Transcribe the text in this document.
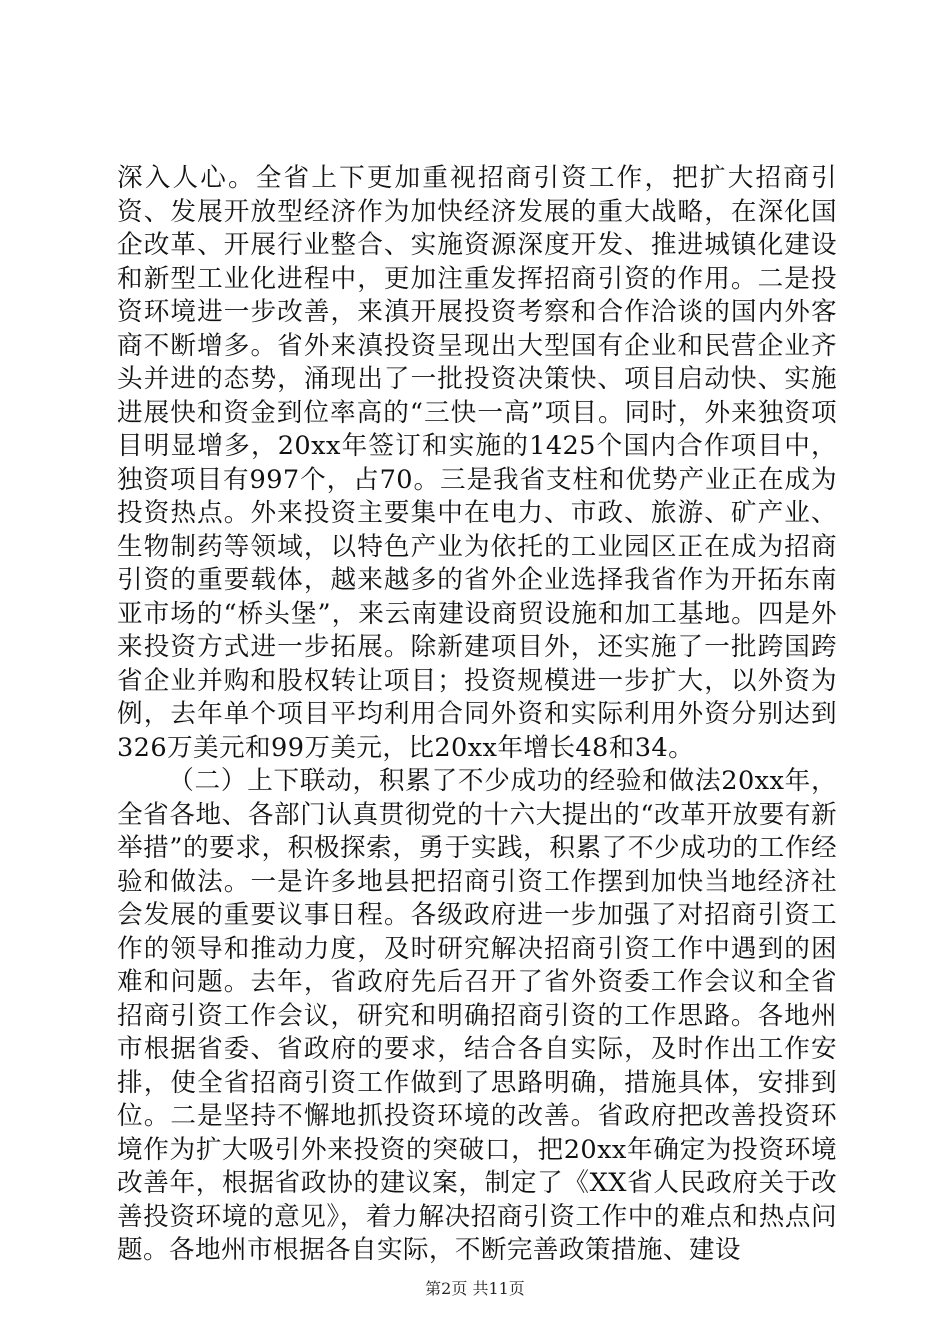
深入人心。全省上下更加重视招商引资工作，把扩大招商引资、发展开放型经济作为加快经济发展的重大战略，在深化国企改革、开展行业整合、实施资源深度开发、推进城镇化建设和新型工业化进程中，更加注重发挥招商引资的作用。二是投资环境进一步改善，来滇开展投资考察和合作洽谈的国内外客商不断增多。省外来滇投资呈现出大型国有企业和民营企业齐头并进的态势，涌现出了一批投资决策快、项目启动快、实施进展快和资金到位率高的“三快一高”项目。同时，外来独资项目明显增多，20xx年签订和实施的1425个国内合作项目中，独资项目有997个，占70。三是我省支柱和优势产业正在成为投资热点。外来投资主要集中在电力、市政、旅游、矿产业、生物制药等领域，以特色产业为依托的工业园区正在成为招商引资的重要载体，越来越多的省外企业选择我省作为开拓东南亚市场的“桥头堡”，来云南建设商贸设施和加工基地。四是外来投资方式进一步拓展。除新建项目外，还实施了一批跨国跨省企业并购和股权转让项目；投资规模进一步扩大，以外资为例，去年单个项目平均利用合同外资和实际利用外资分别达到326万美元和99万美元，比20xx年增长48和34。

（二）上下联动，积累了不少成功的经验和做法20xx年，全省各地、各部门认真贯彻党的十六大提出的“改革开放要有新举措”的要求，积极探索，勇于实践，积累了不少成功的工作经验和做法。一是许多地县把招商引资工作摆到加快当地经济社会发展的重要议事日程。各级政府进一步加强了对招商引资工作的领导和推动力度，及时研究解决招商引资工作中遇到的困难和问题。去年，省政府先后召开了省外资委工作会议和全省招商引资工作会议，研究和明确招商引资的工作思路。各地州市根据省委、省政府的要求，结合各自实际，及时作出工作安排，使全省招商引资工作做到了思路明确，措施具体，安排到位。二是坚持不懈地抓投资环境的改善。省政府把改善投资环境作为扩大吸引外来投资的突破口，把20xx年确定为投资环境改善年，根据省政协的建议案，制定了《XX省人民政府关于改善投资环境的意见》，着力解决招商引资工作中的难点和热点问题。各地州市根据各自实际，不断完善政策措施、建设

第2页 共11页
